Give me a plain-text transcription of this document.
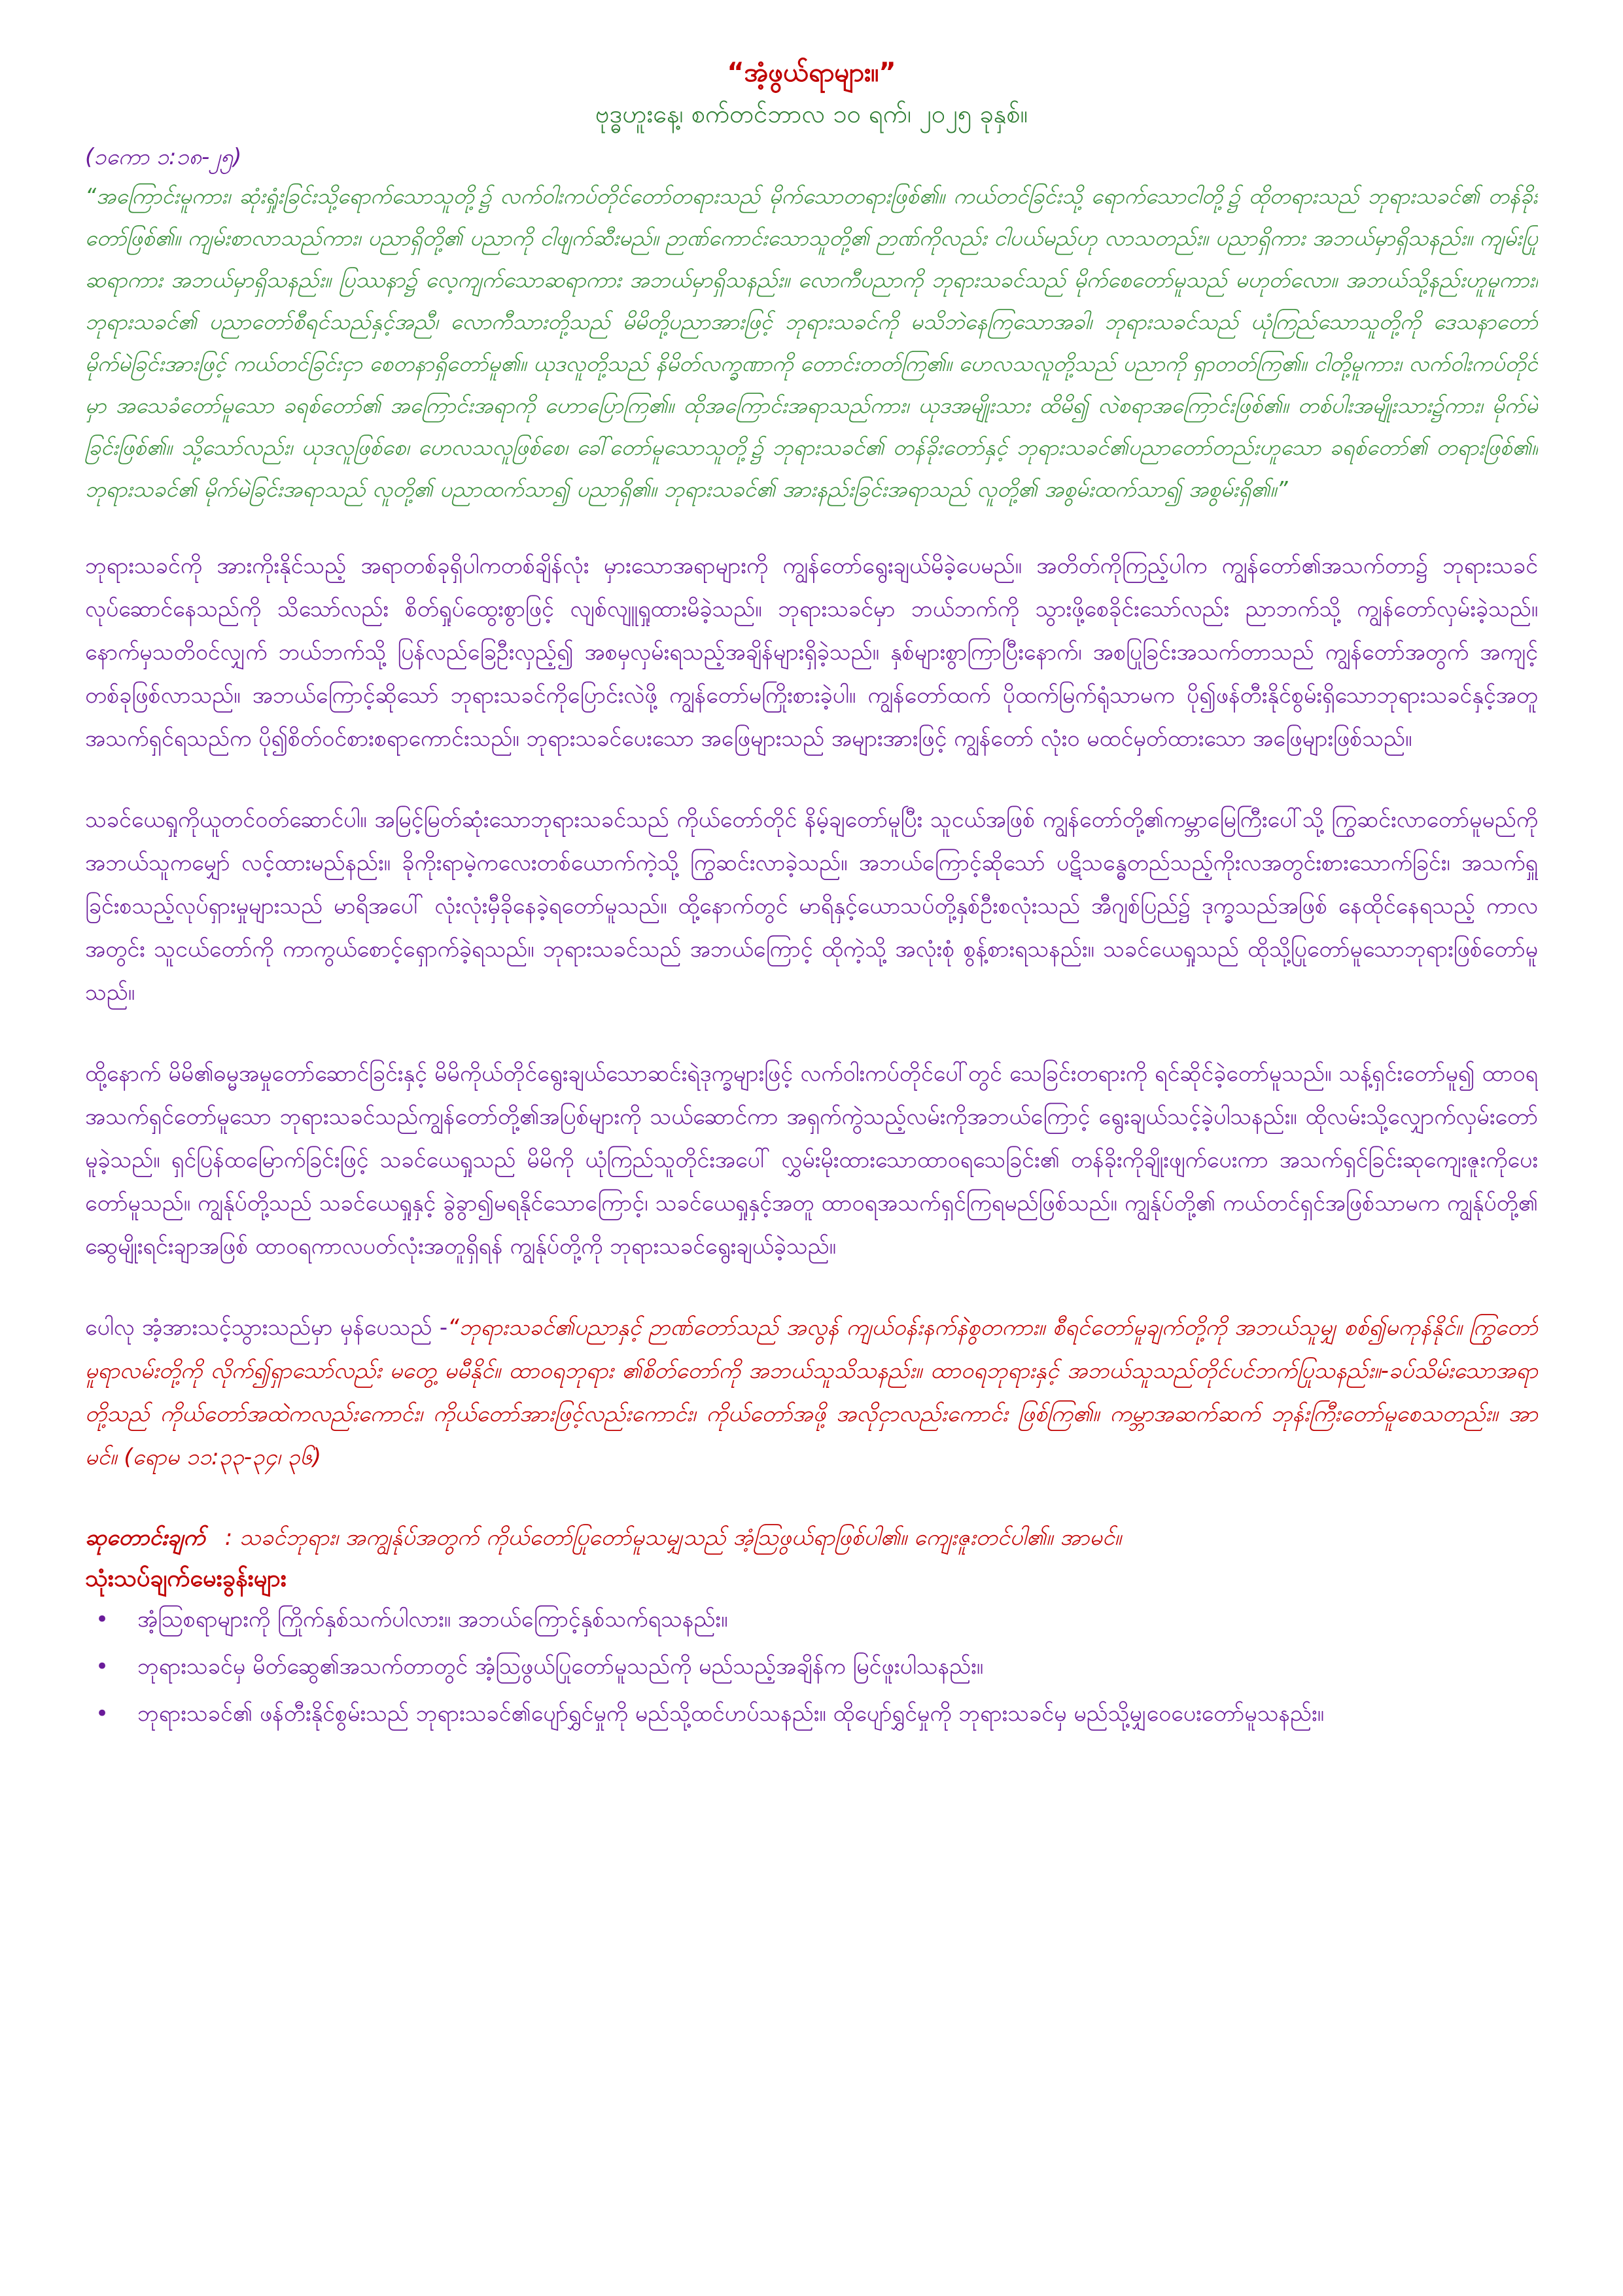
“အံ့ဖွယ်ရာများ။”

ဗုဒ္ဓဟူးနေ့၊ စက်တင်ဘာလ ၁၀ ရက်၊ ၂၀၂၅ ခုနှစ်။

(၁ကော ၁:၁၈-၂၅)

“အကြောင်းမူကား၊ ဆုံးရှုံးခြင်းသို့ရောက်သောသူတို့၌ လက်ဝါးကပ်တိုင်တော်တရားသည် မိုက်သောတရားဖြစ်၏။ ကယ်တင်ခြင်းသို့ ရောက်သောငါတို့၌ ထိုတရားသည် ဘုရားသခင်၏ တန်ခိုးတော်ဖြစ်၏။ ကျမ်းစာလာသည်ကား၊ ပညာရှိတို့၏ ပညာကို ငါဖျက်ဆီးမည်။ ဉာဏ်ကောင်းသောသူတို့၏ ဉာဏ်ကိုလည်း ငါပယ်မည်ဟု လာသတည်း။ ပညာရှိကား အဘယ်မှာရှိသနည်း။ ကျမ်းပြုဆရာကား အဘယ်မှာရှိသနည်း။ ပြဿနာ၌ လေ့ကျက်သောဆရာကား အဘယ်မှာရှိသနည်း။ လောကီပညာကို ဘုရားသခင်သည် မိုက်စေတော်မူသည် မဟုတ်လော။ အဘယ်သို့နည်းဟူမူကား၊ ဘုရားသခင်၏ ပညာတော်စီရင်သည်နှင့်အညီ၊ လောကီသားတို့သည် မိမိတို့ပညာအားဖြင့် ဘုရားသခင်ကို မသိဘဲနေကြသောအခါ၊ ဘုရားသခင်သည် ယုံကြည်သောသူတို့ကို ဒေသနာတော် မိုက်မဲခြင်းအားဖြင့် ကယ်တင်ခြင်းငှာ စေတနာရှိတော်မူ၏။ ယုဒလူတို့သည် နိမိတ်လက္ခဏာကို တောင်းတတ်ကြ၏။ ဟေလသလူတို့သည် ပညာကို ရှာတတ်ကြ၏။ ငါတို့မူကား၊ လက်ဝါးကပ်တိုင်မှာ အသေခံတော်မူသော ခရစ်တော်၏ အကြောင်းအရာကို ဟောပြောကြ၏။ ထိုအကြောင်းအရာသည်ကား၊ ယုဒအမျိုးသား ထိမိ၍ လဲစရာအကြောင်းဖြစ်၏။ တစ်ပါးအမျိုးသား၌ကား၊ မိုက်မဲခြင်းဖြစ်၏။ သို့သော်လည်း၊ ယုဒလူဖြစ်စေ၊ ဟေလသလူဖြစ်စေ၊ ခေါ်တော်မူသောသူတို့၌ ဘုရားသခင်၏ တန်ခိုးတော်နှင့် ဘုရားသခင်၏ပညာတော်တည်းဟူသော ခရစ်တော်၏ တရားဖြစ်၏။ ဘုရားသခင်၏ မိုက်မဲခြင်းအရာသည် လူတို့၏ ပညာထက်သာ၍ ပညာရှိ၏။ ဘုရားသခင်၏ အားနည်းခြင်းအရာသည် လူတို့၏ အစွမ်းထက်သာ၍ အစွမ်းရှိ၏။”

ဘုရားသခင်ကို အားကိုးနိုင်သည့် အရာတစ်ခုရှိပါကတစ်ချိန်လုံး မှားသောအရာများကို ကျွန်တော်ရွေးချယ်မိခဲ့ပေမည်။ အတိတ်ကိုကြည့်ပါက ကျွန်တော်၏အသက်တာ၌ ဘုရားသခင်လုပ်ဆောင်နေသည်ကို သိသော်လည်း စိတ်ရှုပ်ထွေးစွာဖြင့် လျစ်လျူရှုထားမိခဲ့သည်။ ဘုရားသခင်မှာ ဘယ်ဘက်ကို သွားဖို့စေခိုင်းသော်လည်း ညာဘက်သို့ ကျွန်တော်လှမ်းခဲ့သည်။ နောက်မှသတိဝင်လျှက် ဘယ်ဘက်သို့ ပြန်လည်ခြေဦးလှည့်၍ အစမှလှမ်းရသည့်အချိန်များရှိခဲ့သည်။ နှစ်များစွာကြာပြီးနောက်၊ အစပြုခြင်းအသက်တာသည် ကျွန်တော်အတွက် အကျင့်တစ်ခုဖြစ်လာသည်။ အဘယ်ကြောင့်ဆိုသော် ဘုရားသခင်ကိုပြောင်းလဲဖို့ ကျွန်တော်မကြိုးစားခဲ့ပါ။ ကျွန်တော်ထက် ပိုထက်မြက်ရုံသာမက ပို၍ဖန်တီးနိုင်စွမ်းရှိသောဘုရားသခင်နှင့်အတူ အသက်ရှင်ရသည်က ပို၍စိတ်ဝင်စားစရာကောင်းသည်။ ဘုရားသခင်ပေးသော အဖြေများသည် အများအားဖြင့် ကျွန်တော် လုံးဝ မထင်မှတ်ထားသော အဖြေများဖြစ်သည်။

သခင်ယေရှုကိုယူတင်ဝတ်ဆောင်ပါ။ အမြင့်မြတ်ဆုံးသောဘုရားသခင်သည် ကိုယ်တော်တိုင် နိမ့်ချတော်မူပြီး သူငယ်အဖြစ် ကျွန်တော်တို့၏ကမ္ဘာမြေကြီးပေါ်သို့ ကြွဆင်းလာတော်မူမည်ကို အဘယ်သူကမျှော် လင့်ထားမည်နည်း။ ခိုကိုးရာမဲ့ကလေးတစ်ယောက်ကဲ့သို့ ကြွဆင်းလာခဲ့သည်။ အဘယ်ကြောင့်ဆိုသော် ပဋိသန္ဓေတည်သည့်ကိုးလအတွင်းစားသောက်ခြင်း၊ အသက်ရှူခြင်းစသည့်လုပ်ရှားမှုများသည် မာရိအပေါ် လုံးလုံးမှီခိုနေခဲ့ရတော်မူသည်။ ထို့နောက်တွင် မာရိနှင့်ယောသပ်တို့နှစ်ဦးစလုံးသည် အီဂျစ်ပြည်၌ ဒုက္ခသည်အဖြစ် နေထိုင်နေရသည့် ကာလအတွင်း သူငယ်တော်ကို ကာကွယ်စောင့်ရှောက်ခဲ့ရသည်။ ဘုရားသခင်သည် အဘယ်ကြောင့် ထိုကဲ့သို့ အလုံးစုံ စွန့်စားရသနည်း။ သခင်ယေရှုသည် ထိုသို့ပြုတော်မူသောဘုရားဖြစ်တော်မူသည်။

ထို့နောက် မိမိ၏ဓမ္မအမှုတော်ဆောင်ခြင်းနှင့် မိမိကိုယ်တိုင်ရွေးချယ်သောဆင်းရဲဒုက္ခများဖြင့် လက်ဝါးကပ်တိုင်ပေါ်တွင် သေခြင်းတရားကို ရင်ဆိုင်ခဲ့တော်မူသည်။ သန့်ရှင်းတော်မူ၍ ထာဝရအသက်ရှင်တော်မူသော ဘုရားသခင်သည်ကျွန်တော်တို့၏အပြစ်များကို သယ်ဆောင်ကာ အရှက်ကွဲသည့်လမ်းကိုအဘယ်ကြောင့် ရွေးချယ်သင့်ခဲ့ပါသနည်း။ ထိုလမ်းသို့လျှောက်လှမ်းတော်မူခဲ့သည်။ ရှင်ပြန်ထမြောက်ခြင်းဖြင့် သခင်ယေရှုသည် မိမိကို ယုံကြည်သူတိုင်းအပေါ် လွှမ်းမိုးထားသောထာဝရသေခြင်း၏ တန်ခိုးကိုချိုးဖျက်ပေးကာ အသက်ရှင်ခြင်းဆုကျေးဇူးကိုပေးတော်မူသည်။ ကျွန်ုပ်တို့သည် သခင်ယေရှုနှင့် ခွဲခွာ၍မရနိုင်သောကြောင့်၊ သခင်ယေရှုနှင့်အတူ ထာဝရအသက်ရှင်ကြရမည်ဖြစ်သည်။ ကျွန်ုပ်တို့၏ ကယ်တင်ရှင်အဖြစ်သာမက ကျွန်ုပ်တို့၏ ဆွေမျိုးရင်းချာအဖြစ် ထာဝရကာလပတ်လုံးအတူရှိရန် ကျွန်ုပ်တို့ကို ဘုရားသခင်ရွေးချယ်ခဲ့သည်။

ပေါလု အံ့အားသင့်သွားသည်မှာ မှန်ပေသည် -“ဘုရားသခင်၏ပညာနှင့် ဉာဏ်တော်သည် အလွန် ကျယ်ဝန်းနက်နဲစွတကား။ စီရင်တော်မူချက်တို့ကို အဘယ်သူမျှ စစ်၍မကုန်နိုင်။ ကြွတော်မူရာလမ်းတို့ကို လိုက်၍ရှာသော်လည်း မတွေ့ မမီနိုင်။ ထာဝရဘုရား ၏စိတ်တော်ကို အဘယ်သူသိသနည်း။ ထာဝရဘုရားနှင့် အဘယ်သူသည်တိုင်ပင်ဘက်ပြုသနည်း။-ခပ်သိမ်းသောအရာတို့သည် ကိုယ်တော်အထဲကလည်းကောင်း၊ ကိုယ်တော်အားဖြင့်လည်းကောင်း၊ ကိုယ်တော်အဖို့ အလိုငှာလည်းကောင်း ဖြစ်ကြ၏။ ကမ္ဘာအဆက်ဆက် ဘုန်းကြီးတော်မူစေသတည်း။ အာမင်။ (ရောမ ၁၁:၃၃-၃၄၊ ၃၆)

ဆုတောင်းချက် : သခင်ဘုရား၊ အကျွန်ုပ်အတွက် ကိုယ်တော်ပြုတော်မူသမျှသည် အံ့သြဖွယ်ရာဖြစ်ပါ၏။ ကျေးဇူးတင်ပါ၏။ အာမင်။

သုံးသပ်ချက်မေးခွန်းများ
• အံ့သြစရာများကို ကြိုက်နှစ်သက်ပါလား။ အဘယ်ကြောင့်နှစ်သက်ရသနည်း။
• ဘုရားသခင်မှ မိတ်ဆွေ၏အသက်တာတွင် အံ့သြဖွယ်ပြုတော်မူသည်ကို မည်သည့်အချိန်က မြင်ဖူးပါသနည်း။
• ဘုရားသခင်၏ ဖန်တီးနိုင်စွမ်းသည် ဘုရားသခင်၏ပျော်ရွှင်မှုကို မည်သို့ထင်ဟပ်သနည်း။ ထိုပျော်ရွှင်မှုကို ဘုရားသခင်မှ မည်သို့မျှဝေပေးတော်မူသနည်း။
